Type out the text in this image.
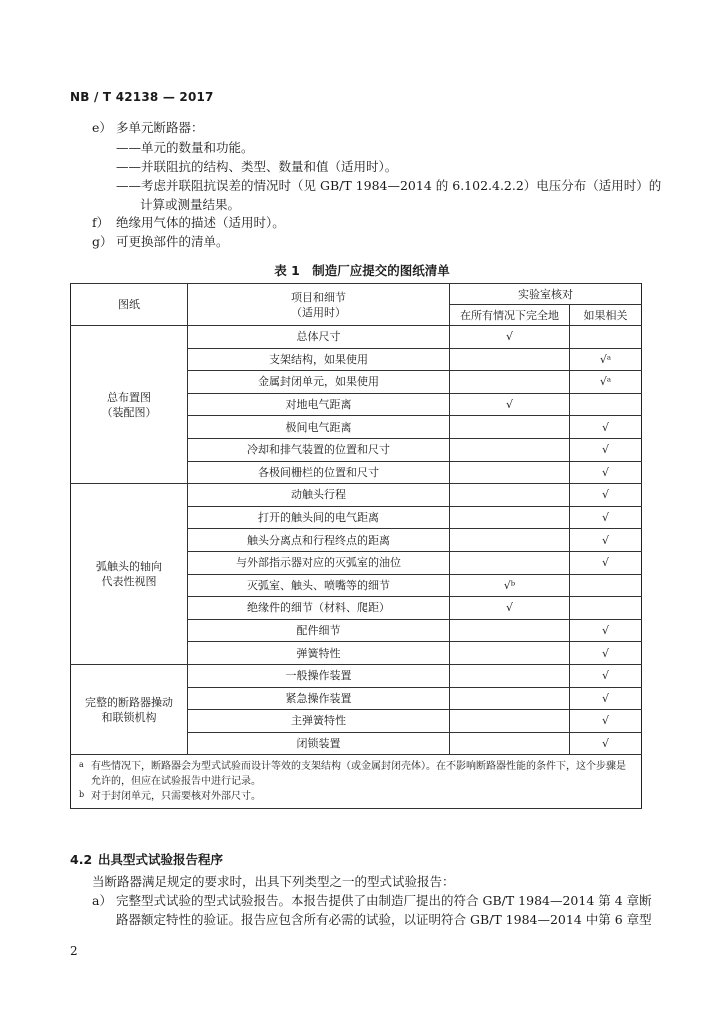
NB / T 42138 — 2017
e） 多单元断路器：
——单元的数量和功能。
——并联阻抗的结构、类型、数量和值（适用时）。
——考虑并联阻抗误差的情况时（见 GB/T 1984—2014 的 6.102.4.2.2）电压分布（适用时）的
计算或测量结果。
f） 绝缘用气体的描述（适用时）。
g） 可更换部件的清单。
表 1　制造厂应提交的图纸清单
图纸	项目和细节
（适用时）	实验室核对	
		在所有情况下完全地	如果相关

总布置图
（装配图）	总体尺寸	√	
	支架结构，如果使用		√ᵃ
	金属封闭单元，如果使用		√ᵃ
	对地电气距离	√	
	极间电气距离		√
	冷却和排气装置的位置和尺寸		√
	各极间栅栏的位置和尺寸		√

弧触头的轴向
代表性视图	动触头行程		√
	打开的触头间的电气距离		√
	触头分离点和行程终点的距离		√
	与外部指示器对应的灭弧室的油位		√
	灭弧室、触头、喷嘴等的细节	√ᵇ	
	绝缘件的细节（材料、爬距）	√	
	配件细节		√
	弹簧特性		√

完整的断路器操动
和联锁机构	一般操作装置		√
	紧急操作装置		√
	主弹簧特性		√
	闭锁装置		√

a 有些情况下，断路器会为型式试验而设计等效的支架结构（或金属封闭壳体）。在不影响断路器性能的条件下，这个步骤是允许的，但应在试验报告中进行记录。
b 对于封闭单元，只需要核对外部尺寸。			
4.2 出具型式试验报告程序
当断路器满足规定的要求时，出具下列类型之一的型式试验报告：
a） 完整型式试验的型式试验报告。本报告提供了由制造厂提出的符合 GB/T 1984—2014 第 4 章断
路器额定特性的验证。报告应包含所有必需的试验，以证明符合 GB/T 1984—2014 中第 6 章型
2
